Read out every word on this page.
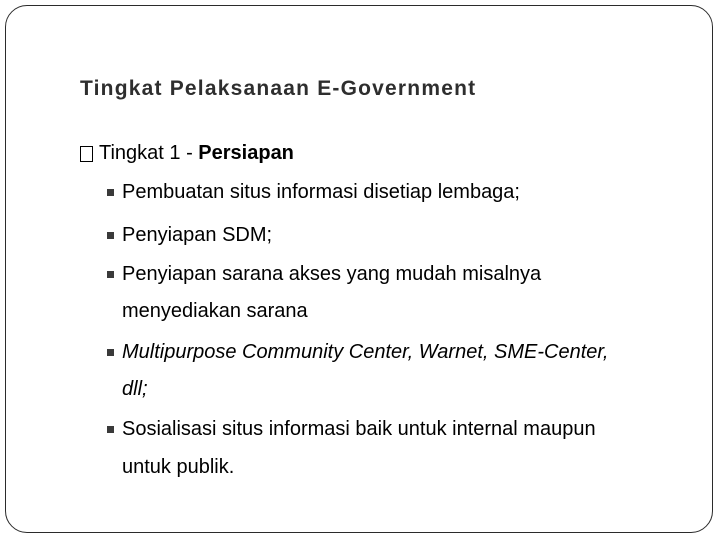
Tingkat Pelaksanaan E-Government
Tingkat 1 - Persiapan
Pembuatan situs informasi disetiap lembaga;
Penyiapan SDM;
Penyiapan sarana akses yang mudah misalnya
menyediakan sarana
Multipurpose Community Center, Warnet, SME-Center,
dll;
Sosialisasi situs informasi baik untuk internal maupun
untuk publik.
